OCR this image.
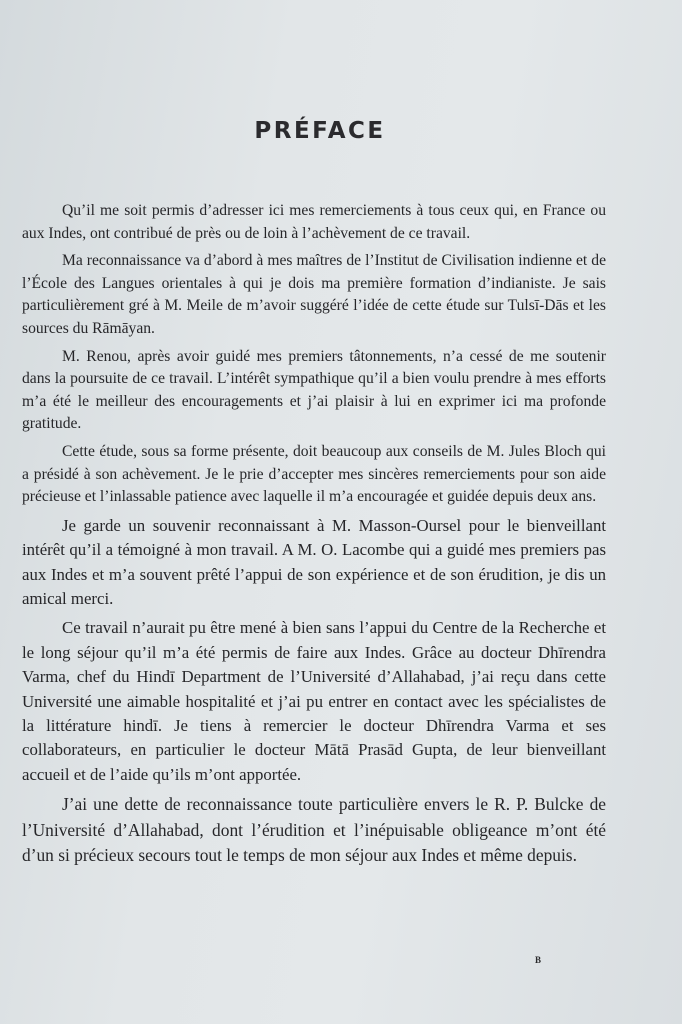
PRÉFACE

Qu’il me soit permis d’adresser ici mes remerciements à tous ceux qui, en France ou aux Indes, ont contribué de près ou de loin à l’achèvement de ce travail.

Ma reconnaissance va d’abord à mes maîtres de l’Institut de Civilisation indienne et de l’École des Langues orientales à qui je dois ma première formation d’indianiste. Je sais particulièrement gré à M. Meile de m’avoir suggéré l’idée de cette étude sur Tulsī-Dās et les sources du Rāmāyan.

M. Renou, après avoir guidé mes premiers tâtonnements, n’a cessé de me soutenir dans la poursuite de ce travail. L’intérêt sympathique qu’il a bien voulu prendre à mes efforts m’a été le meilleur des encouragements et j’ai plaisir à lui en exprimer ici ma profonde gratitude.

Cette étude, sous sa forme présente, doit beaucoup aux conseils de M. Jules Bloch qui a présidé à son achèvement. Je le prie d’accepter mes sincères remerciements pour son aide précieuse et l’inlassable patience avec laquelle il m’a encouragée et guidée depuis deux ans.

Je garde un souvenir reconnaissant à M. Masson-Oursel pour le bienveillant intérêt qu’il a témoigné à mon travail. A M. O. Lacombe qui a guidé mes premiers pas aux Indes et m’a souvent prêté l’appui de son expérience et de son érudition, je dis un amical merci.

Ce travail n’aurait pu être mené à bien sans l’appui du Centre de la Recherche et le long séjour qu’il m’a été permis de faire aux Indes. Grâce au docteur Dhīrendra Varma, chef du Hindī Department de l’Université d’Allahabad, j’ai reçu dans cette Université une aimable hospitalité et j’ai pu entrer en contact avec les spécialistes de la littérature hindī. Je tiens à remercier le docteur Dhīrendra Varma et ses collaborateurs, en particulier le docteur Mātā Prasād Gupta, de leur bienveillant accueil et de l’aide qu’ils m’ont apportée.

J’ai une dette de reconnaissance toute particulière envers le R. P. Bulcke de l’Université d’Allahabad, dont l’érudition et l’inépuisable obligeance m’ont été d’un si précieux secours tout le temps de mon séjour aux Indes et même depuis.

B
